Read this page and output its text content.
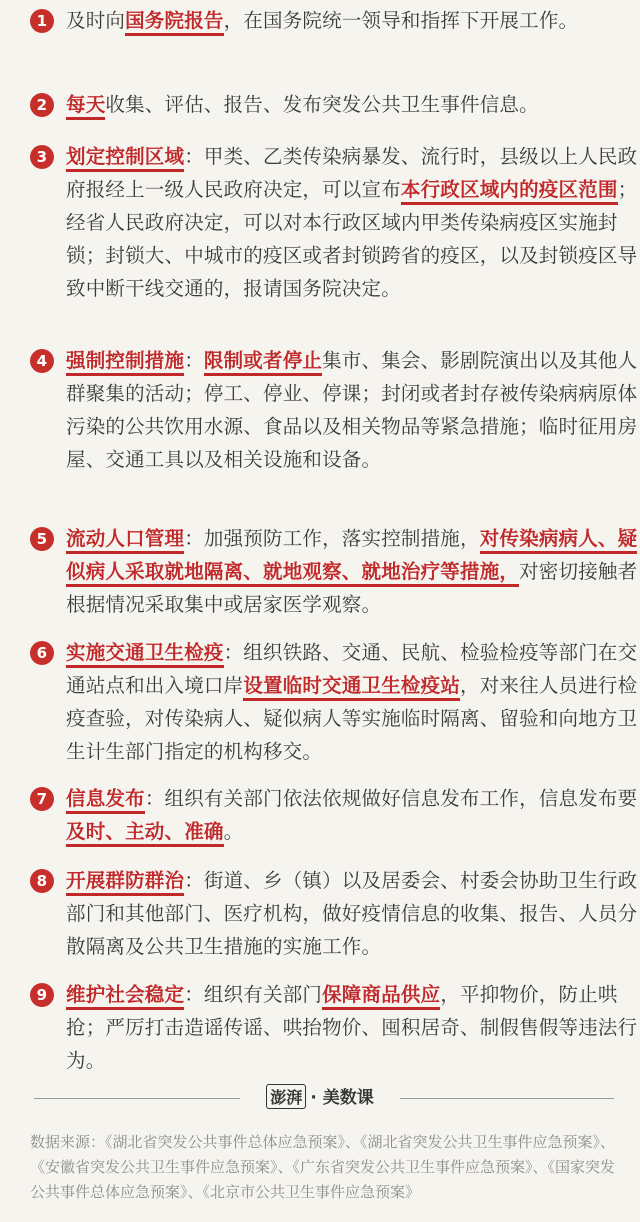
1 及时向国务院报告，在国务院统一领导和指挥下开展工作。
2 每天收集、评估、报告、发布突发公共卫生事件信息。
3 划定控制区域：甲类、乙类传染病暴发、流行时，县级以上人民政府报经上一级人民政府决定，可以宣布本行政区域内的疫区范围；经省人民政府决定，可以对本行政区域内甲类传染病疫区实施封锁；封锁大、中城市的疫区或者封锁跨省的疫区，以及封锁疫区导致中断干线交通的，报请国务院决定。
4 强制控制措施：限制或者停止集市、集会、影剧院演出以及其他人群聚集的活动；停工、停业、停课；封闭或者封存被传染病病原体污染的公共饮用水源、食品以及相关物品等紧急措施；临时征用房屋、交通工具以及相关设施和设备。
5 流动人口管理：加强预防工作，落实控制措施，对传染病病人、疑似病人采取就地隔离、就地观察、就地治疗等措施，对密切接触者根据情况采取集中或居家医学观察。
6 实施交通卫生检疫：组织铁路、交通、民航、检验检疫等部门在交通站点和出入境口岸设置临时交通卫生检疫站，对来往人员进行检疫查验，对传染病人、疑似病人等实施临时隔离、留验和向地方卫生计生部门指定的机构移交。
7 信息发布：组织有关部门依法依规做好信息发布工作，信息发布要及时、主动、准确。
8 开展群防群治：街道、乡（镇）以及居委会、村委会协助卫生行政部门和其他部门、医疗机构，做好疫情信息的收集、报告、人员分散隔离及公共卫生措施的实施工作。
9 维护社会稳定：组织有关部门保障商品供应，平抑物价，防止哄抢；严厉打击造谣传谣、哄抬物价、囤积居奇、制假售假等违法行为。
澎湃 · 美数课
数据来源：《湖北省突发公共事件总体应急预案》、《湖北省突发公共卫生事件应急预案》、《安徽省突发公共卫生事件应急预案》、《广东省突发公共卫生事件应急预案》、《国家突发公共事件总体应急预案》、《北京市公共卫生事件应急预案》
